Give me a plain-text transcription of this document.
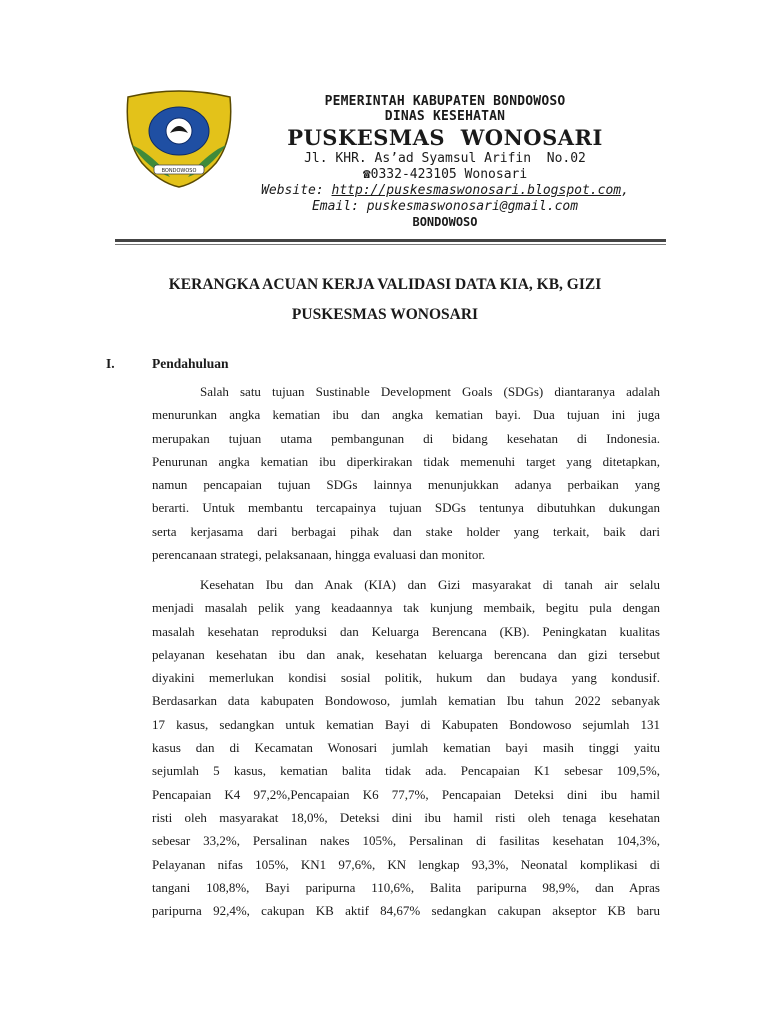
BONDOWOSO
PEMERINTAH KABUPATEN BONDOWOSO
DINAS KESEHATAN
PUSKESMAS  WONOSARI
Jl. KHR. As’ad Syamsul Arifin  No.02
☎0332-423105 Wonosari
Website: http://puskesmaswonosari.blogspot.com,
Email: puskesmaswonosari@gmail.com
BONDOWOSO
KERANGKA ACUAN KERJA VALIDASI DATA KIA, KB, GIZI
PUSKESMAS WONOSARI
I.	Pendahuluan
Salah satu tujuan Sustinable Development Goals (SDGs) diantaranya adalah
menurunkan angka kematian ibu dan angka kematian bayi. Dua tujuan ini juga
merupakan tujuan utama pembangunan di bidang kesehatan di Indonesia.
Penurunan angka kematian ibu diperkirakan tidak memenuhi target yang ditetapkan,
namun pencapaian tujuan SDGs lainnya menunjukkan adanya perbaikan yang
berarti. Untuk membantu tercapainya tujuan SDGs tentunya dibutuhkan dukungan
serta kerjasama dari berbagai pihak dan stake holder yang terkait, baik dari
perencanaan strategi, pelaksanaan, hingga evaluasi dan monitor.
Kesehatan Ibu dan Anak (KIA) dan Gizi masyarakat di tanah air selalu
menjadi masalah pelik yang keadaannya tak kunjung membaik, begitu pula dengan
masalah kesehatan reproduksi dan Keluarga Berencana (KB). Peningkatan kualitas
pelayanan kesehatan ibu dan anak, kesehatan keluarga berencana dan gizi tersebut
diyakini memerlukan kondisi sosial politik, hukum dan budaya yang kondusif.
Berdasarkan data kabupaten Bondowoso, jumlah kematian Ibu tahun 2022 sebanyak
17 kasus, sedangkan untuk kematian Bayi di Kabupaten Bondowoso sejumlah 131
kasus dan di Kecamatan Wonosari jumlah kematian bayi masih tinggi yaitu
sejumlah 5 kasus, kematian balita tidak ada. Pencapaian K1 sebesar 109,5%,
Pencapaian K4 97,2%,Pencapaian K6 77,7%, Pencapaian Deteksi dini ibu hamil
risti oleh masyarakat 18,0%, Deteksi dini ibu hamil risti oleh tenaga kesehatan
sebesar 33,2%, Persalinan nakes 105%, Persalinan di fasilitas kesehatan 104,3%,
Pelayanan nifas 105%, KN1 97,6%, KN lengkap 93,3%, Neonatal komplikasi di
tangani 108,8%, Bayi paripurna 110,6%, Balita paripurna 98,9%, dan Apras
paripurna 92,4%, cakupan KB aktif 84,67% sedangkan cakupan akseptor KB baru
